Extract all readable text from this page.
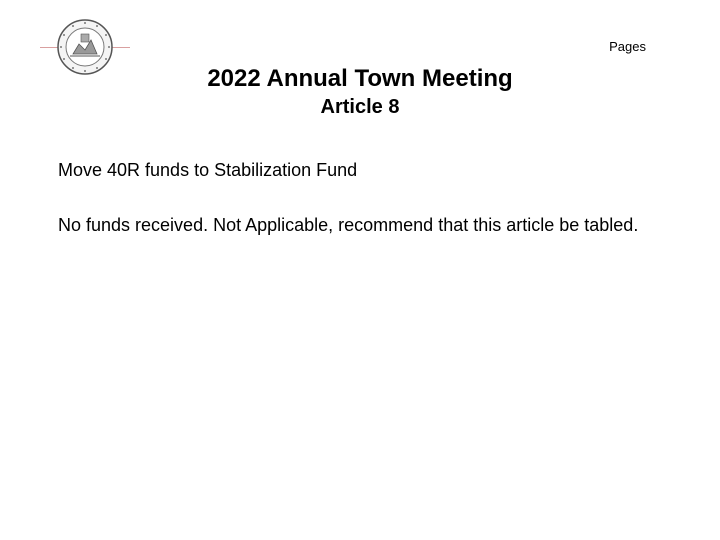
Pages
2022 Annual Town Meeting
Article 8

Move 40R funds to Stabilization Fund

No funds received. Not Applicable, recommend that this article be tabled.
